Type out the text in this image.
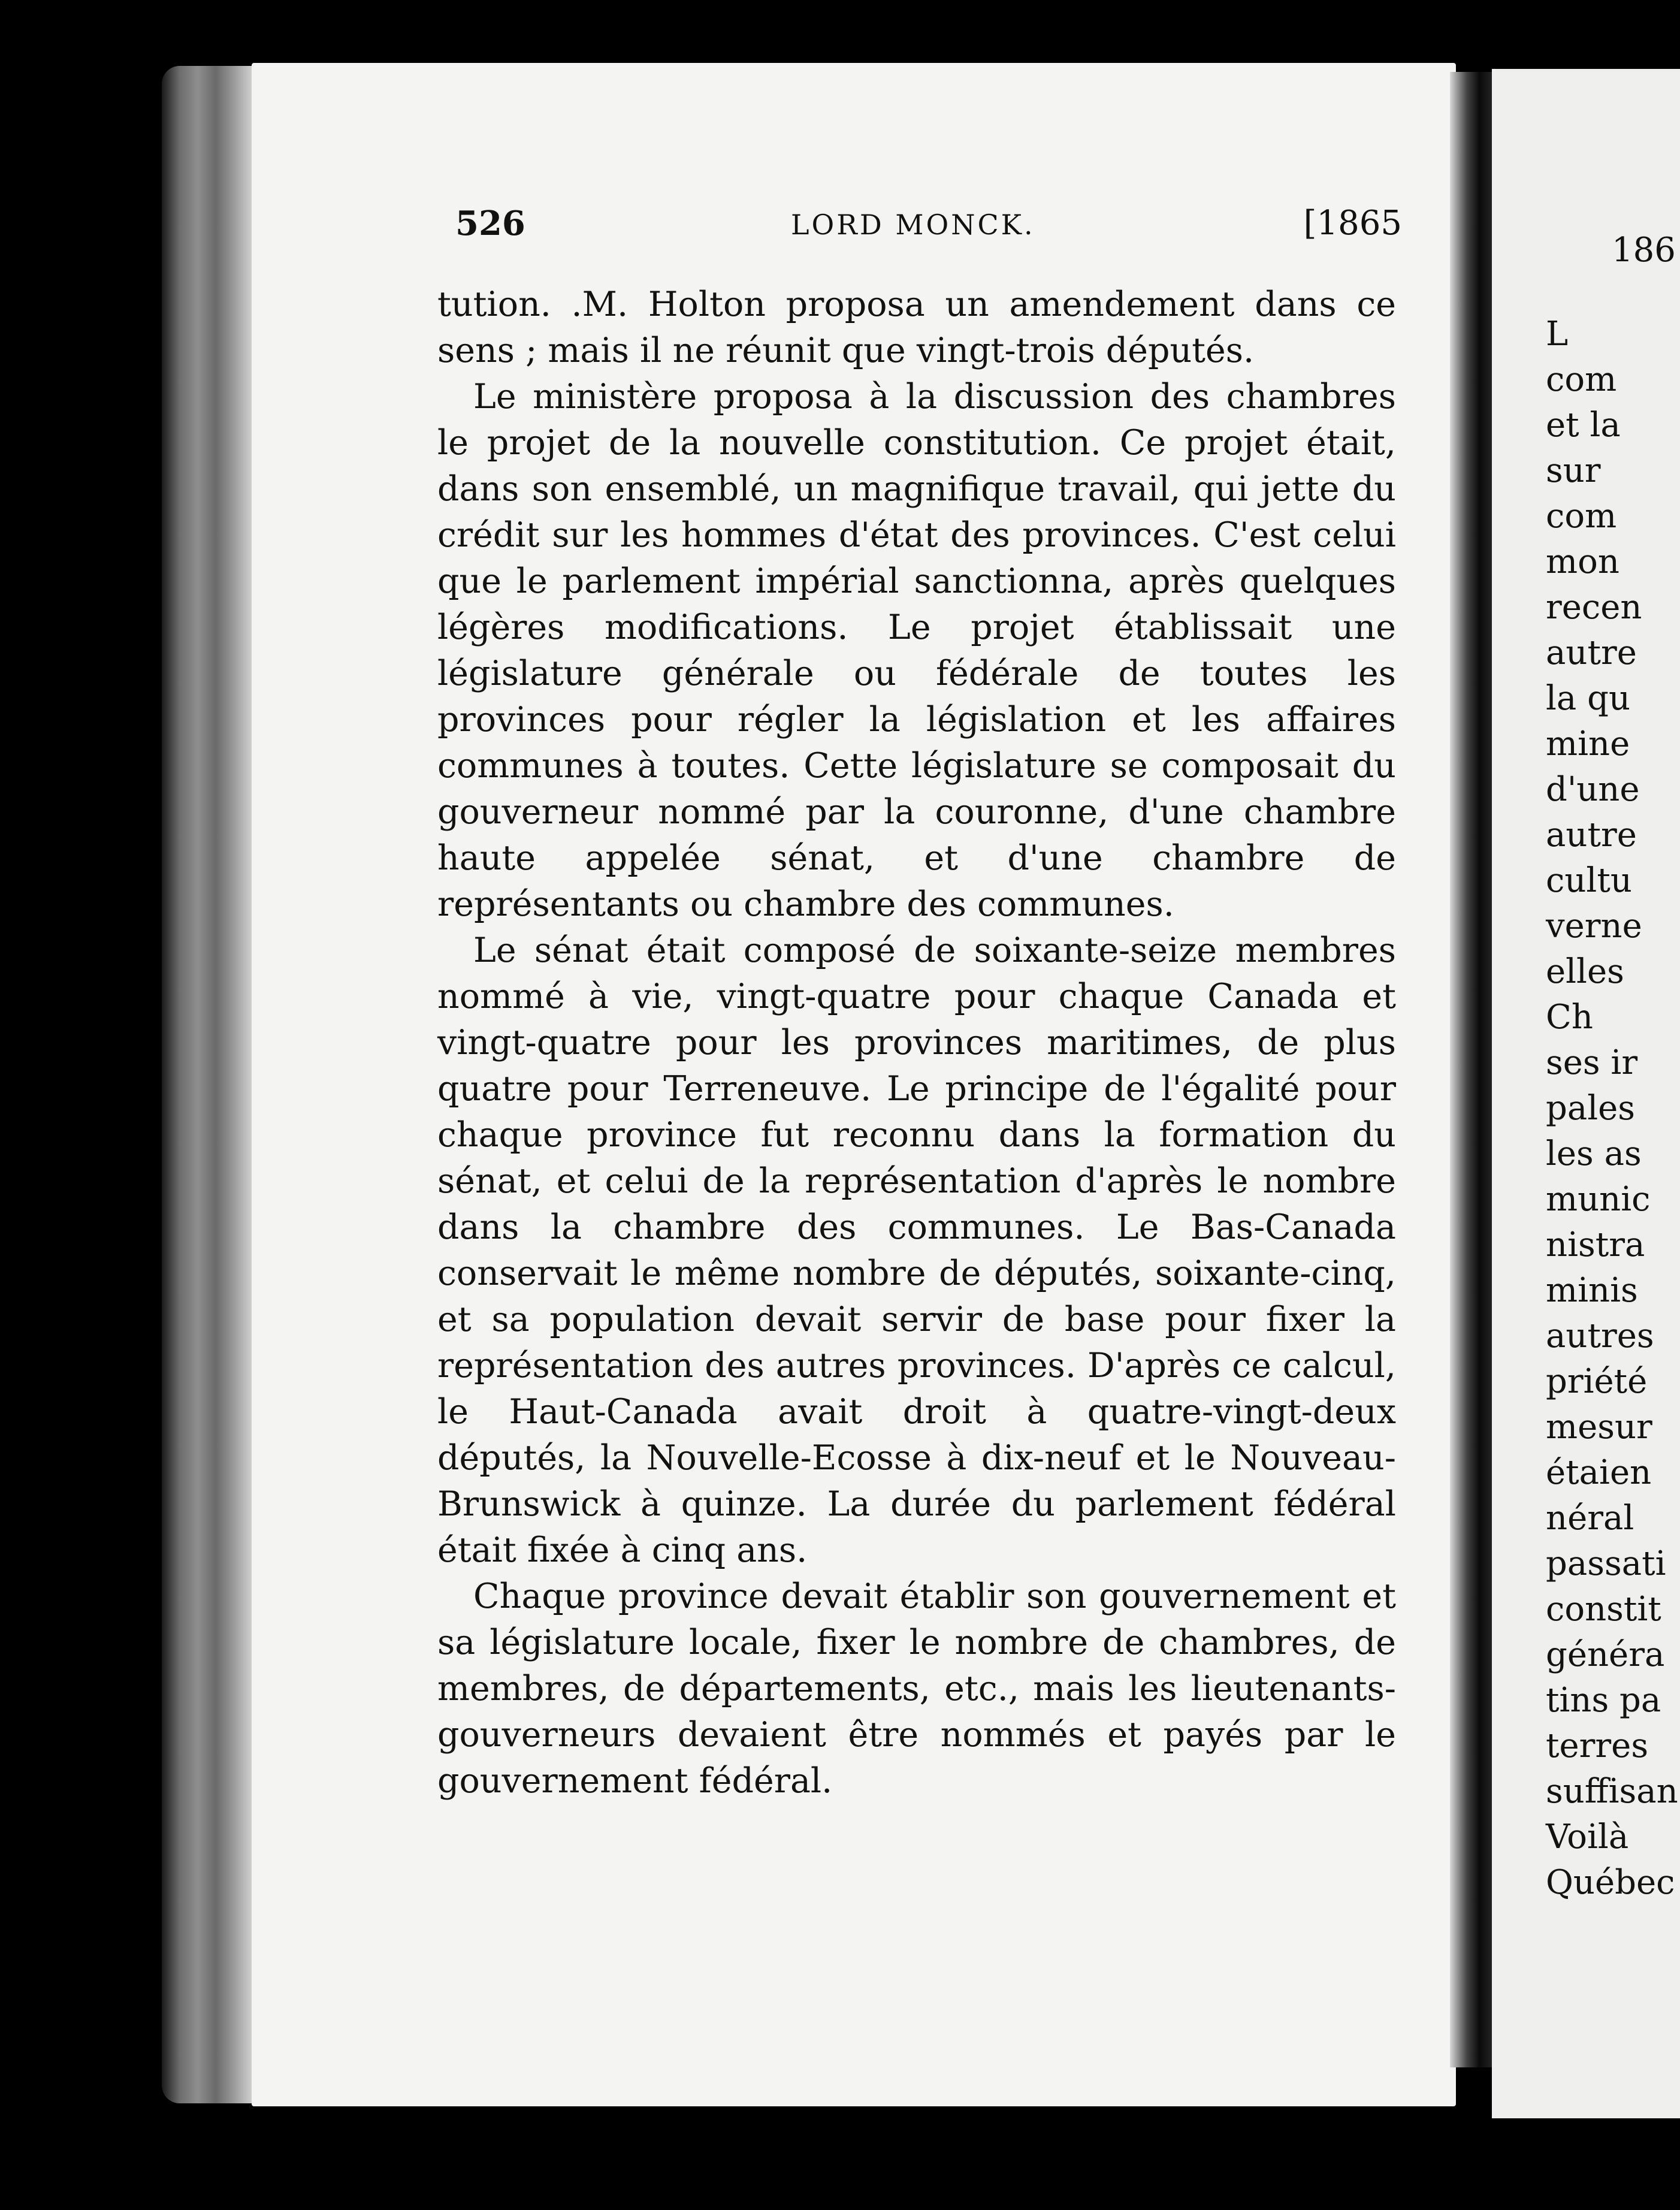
526	LORD MONCK.	[1865

tution. .M. Holton proposa un amendement dans ce sens ; mais il ne réunit que vingt-trois députés.

Le ministère proposa à la discussion des chambres le projet de la nouvelle constitution. Ce projet était, dans son ensemblé, un magnifique travail, qui jette du crédit sur les hommes d'état des provinces. C'est celui que le parlement impérial sanctionna, après quelques légères modifications. Le projet établissait une législature générale ou fédérale de toutes les provinces pour régler la législation et les affaires communes à toutes. Cette législature se composait du gouverneur nommé par la couronne, d'une chambre haute appelée sénat, et d'une chambre de représentants ou chambre des communes.

Le sénat était composé de soixante-seize membres nommé à vie, vingt-quatre pour chaque Canada et vingt-quatre pour les provinces maritimes, de plus quatre pour Terreneuve. Le principe de l'égalité pour chaque province fut reconnu dans la formation du sénat, et celui de la représentation d'après le nombre dans la chambre des communes. Le Bas-Canada conservait le même nombre de députés, soixante-cinq, et sa population devait servir de base pour fixer la représentation des autres provinces. D'après ce calcul, le Haut-Canada avait droit à quatre-vingt-deux députés, la Nouvelle-Ecosse à dix-neuf et le Nouveau-Brunswick à quinze. La durée du parlement fédéral était fixée à cinq ans.

Chaque province devait établir son gouvernement et sa législature locale, fixer le nombre de chambres, de membres, de départements, etc., mais les lieutenants-gouverneurs devaient être nommés et payés par le gouvernement fédéral.

186
L
com
et la
sur
com
mon
recen
autre
la qu
mine
d'une
autre
cultu
verne
elles
Ch
ses ir
pales
les as
munic
nistra
minis
autres
priété
mesur
étaien
néral
passati
constit
généra
tins pa
terres
suffisan
Voilà
Québec
